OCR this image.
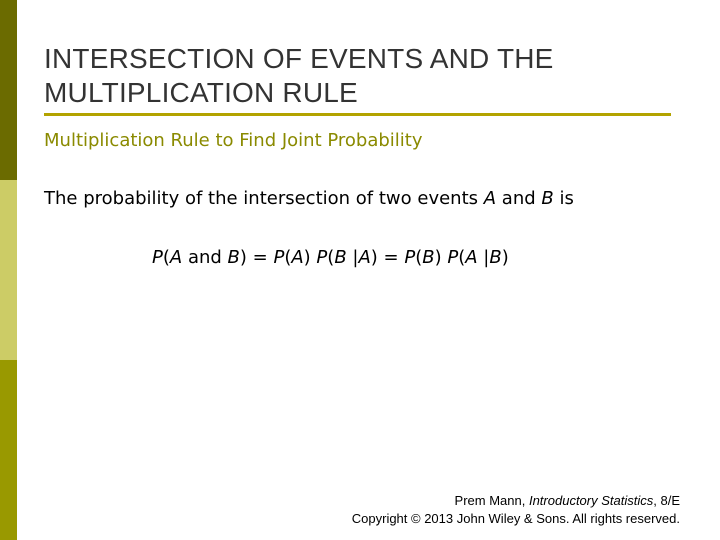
INTERSECTION OF EVENTS AND THE
MULTIPLICATION RULE
Multiplication Rule to Find Joint Probability
The probability of the intersection of two events A and B is
P(A and B) = P(A) P(B |A) = P(B) P(A |B)
Prem Mann, Introductory Statistics, 8/E
Copyright © 2013 John Wiley & Sons. All rights reserved.
